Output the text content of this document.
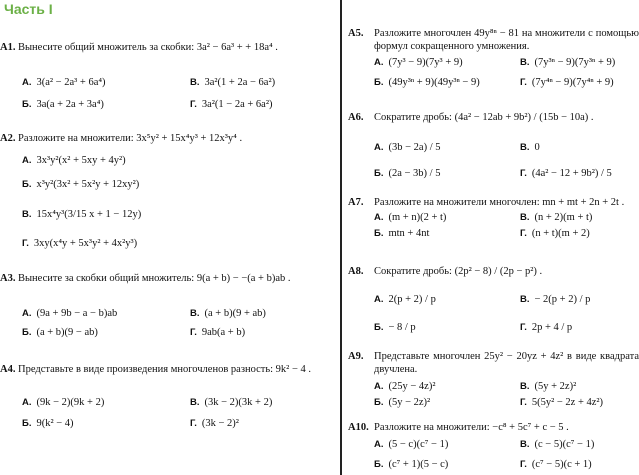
Часть I
А1. Вынесите общий множитель за скобки: 3a² − 6a³ + + 18a⁴ .
А. 3(a² − 2a³ + 6a⁴)	В. 3a²(1 + 2a − 6a²)
Б. 3a(a + 2a + 3a⁴)	Г. 3a²(1 − 2a + 6a²)
А2. Разложите на множители: 3x⁵y² + 15x⁴y³ + 12x³y⁴ .
А. 3x³y²(x² + 5xy + 4y²)
Б. x³y²(3x² + 5x²y + 12xy²)
В. 15x⁴y³(3/15 x + 1 − 12y)
Г. 3xy(x⁴y + 5x³y² + 4x²y³)
А3. Вынесите за скобки общий множитель: 9(a + b) − −(a + b)ab .
А. (9a + 9b − a − b)ab	В. (a + b)(9 + ab)
Б. (a + b)(9 − ab)	Г. 9ab(a + b)
А4. Представьте в виде произведения многочленов разность: 9k² − 4 .
А. (9k − 2)(9k + 2)	В. (3k − 2)(3k + 2)
Б. 9(k² − 4)	Г. (3k − 2)²
А5.	Разложите многочлен 49y⁸ⁿ − 81 на множители с помощью формул сокращенного умножения.
А. (7y³ − 9)(7y³ + 9)	В. (7y³ⁿ − 9)(7y³ⁿ + 9)
Б. (49y³ⁿ + 9)(49y³ⁿ − 9)	Г. (7y⁴ⁿ − 9)(7y⁴ⁿ + 9)
А6.	Сократите дробь: (4a² − 12ab + 9b²) / (15b − 10a) .
А. (3b − 2a) / 5	В. 0
Б. (2a − 3b) / 5	Г. (4a² − 12 + 9b²) / 5
А7.	Разложите на множители многочлен: mn + mt + 2n + 2t .
А. (m + n)(2 + t)	В. (n + 2)(m + t)
Б. mtn + 4nt	Г. (n + t)(m + 2)
А8.	Сократите дробь: (2p² − 8) / (2p − p²) .
А. 2(p + 2) / p	В. − 2(p + 2) / p
Б. − 8 / p	Г. 2p + 4 / p
А9.	Представьте многочлен 25y² − 20yz + 4z² в виде квадрата двучлена.
А. (25y − 4z)²	В. (5y + 2z)²
Б. (5y − 2z)²	Г. 5(5y² − 2z + 4z²)
А10. Разложите на множители: −c⁸ + 5c⁷ + c − 5 .
А. (5 − c)(c⁷ − 1)	В. (c − 5)(c⁷ − 1)
Б. (c⁷ + 1)(5 − c)	Г. (c⁷ − 5)(c + 1)
